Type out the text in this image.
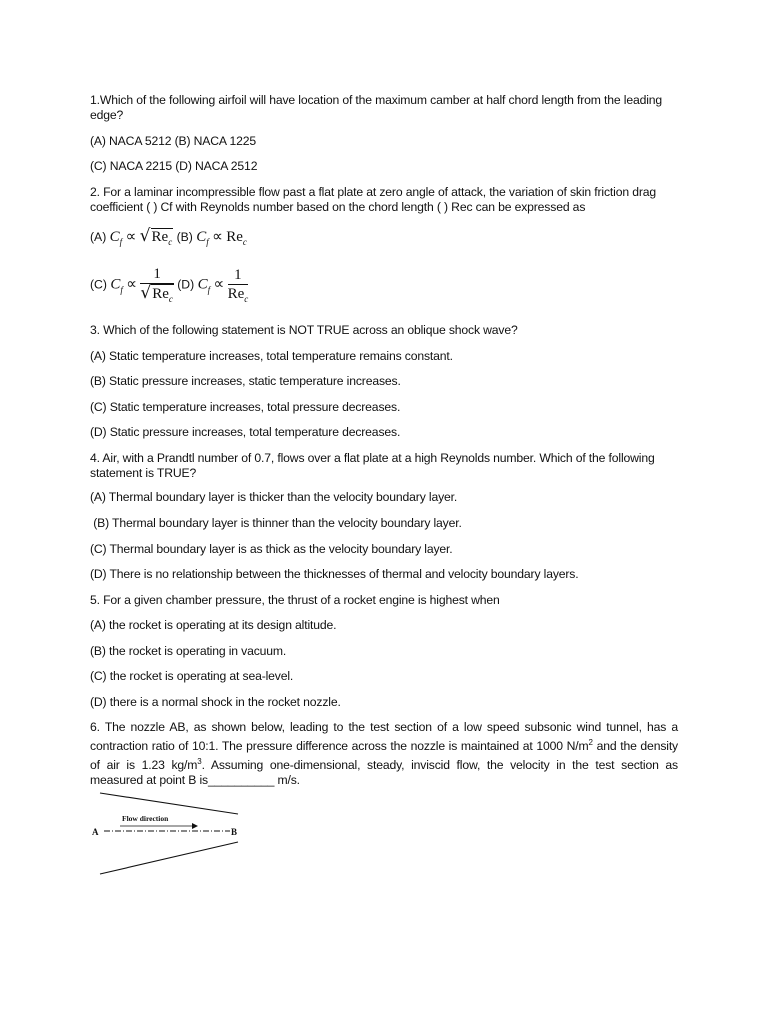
1.Which of the following airfoil will have location of the maximum camber at half chord length from the leading edge?
(A) NACA 5212 (B) NACA 1225
(C) NACA 2215 (D) NACA 2512
2. For a laminar incompressible flow past a flat plate at zero angle of attack, the variation of skin friction drag coefficient ( ) Cf with Reynolds number based on the chord length ( ) Rec can be expressed as
(A) $C_f \propto √Re_c$ (B) $C_f \propto Re_c$
(C) $C_f \propto \frac{1}{√Re_c} (D) C_f \propto \frac{1}{Re_c}$
3. Which of the following statement is NOT TRUE across an oblique shock wave?
(A) Static temperature increases, total temperature remains constant.
(B) Static pressure increases, static temperature increases.
(C) Static temperature increases, total pressure decreases.
(D) Static pressure increases, total temperature decreases.
4. Air, with a Prandtl number of 0.7, flows over a flat plate at a high Reynolds number. Which of the following statement is TRUE?
(A) Thermal boundary layer is thicker than the velocity boundary layer.
(B) Thermal boundary layer is thinner than the velocity boundary layer.
(C) Thermal boundary layer is as thick as the velocity boundary layer.
(D) There is no relationship between the thicknesses of thermal and velocity boundary layers.
5. For a given chamber pressure, the thrust of a rocket engine is highest when
(A) the rocket is operating at its design altitude.
(B) the rocket is operating in vacuum.
(C) the rocket is operating at sea-level.
(D) there is a normal shock in the rocket nozzle.
6. The nozzle AB, as shown below, leading to the test section of a low speed subsonic wind tunnel, has a contraction ratio of 10:1. The pressure difference across the nozzle is maintained at 1000 $N/m^2$ and the density of air is 1.23 $kg/m^3$. Assuming one-dimensional, steady, inviscid flow, the velocity in the test section as measured at point B is__________ m/s.
Flow direction
A	B
